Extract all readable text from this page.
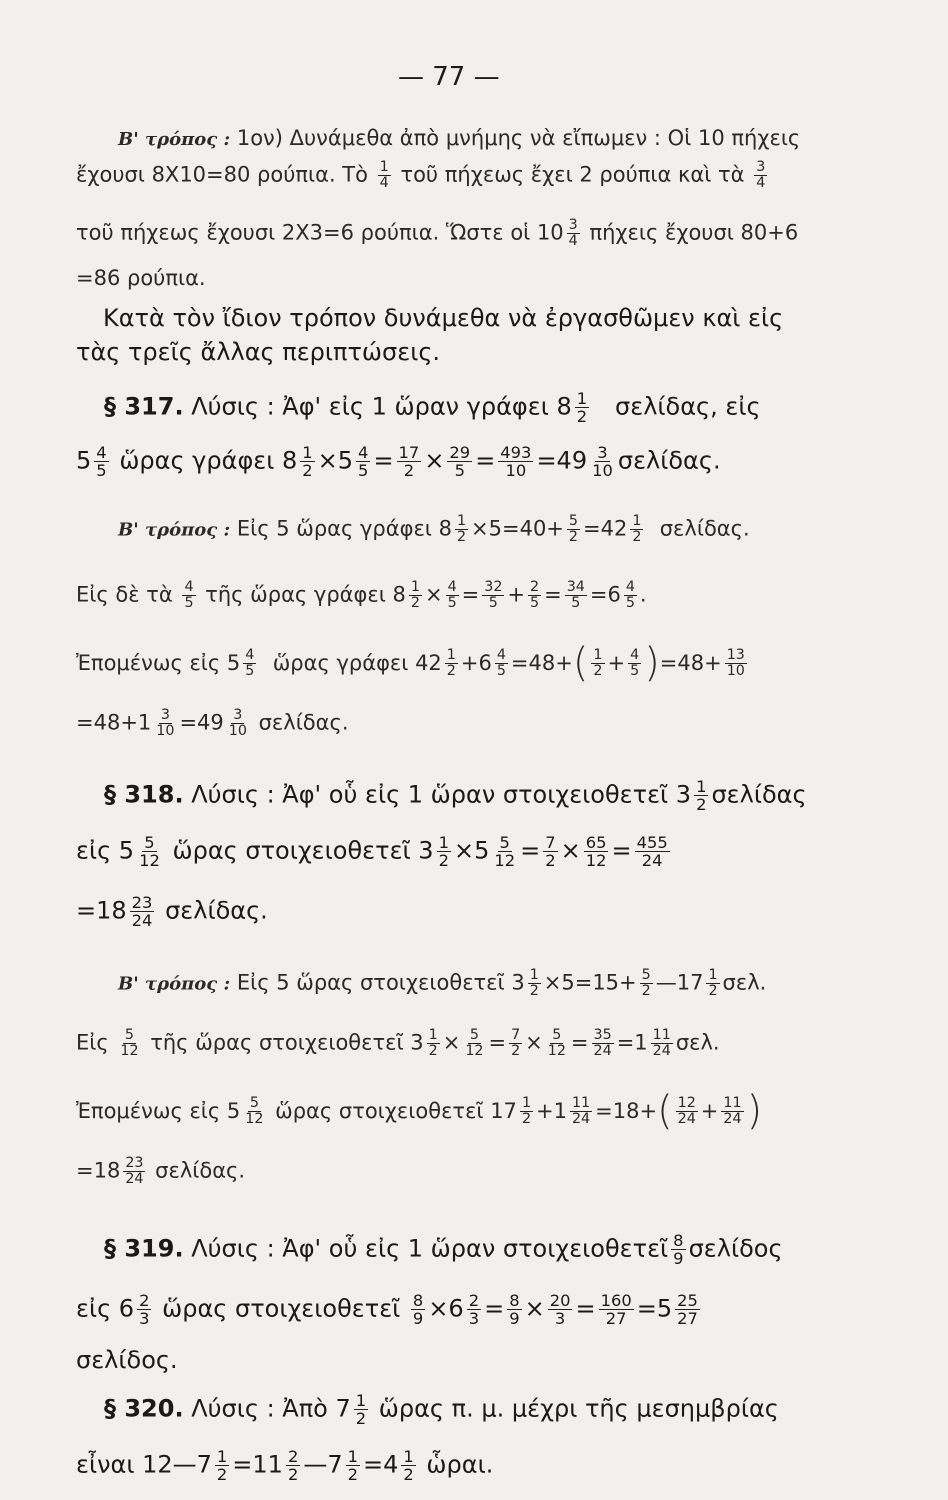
— 77 —
Β' τρόπος : 1ον) Δυνάμεθα ἀπὸ μνήμης νὰ εἴπωμεν : Οἱ 10 πήχεις
ἔχουσι 8Χ10=80 ρούπια. Τὸ $\frac{1}{4}$ τοῦ πήχεως ἔχει 2 ρούπια καὶ τὰ $\frac{3}{4}$
τοῦ πήχεως ἔχουσι 2Χ3=6 ρούπια. Ὥστε οἱ $10 \frac{3}{4}$ πήχεις ἔχουσι 80+6
=86 ρούπια.
Κατὰ τὸν ἴδιον τρόπον δυνάμεθα νὰ ἐργασθῶμεν καὶ εἰς
τὰς τρεῖς ἄλλας περιπτώσεις.
§ 317. Λύσις : Ἀφ' εἰς 1 ὥραν γράφει $8 \frac{1}{2} \sigma\varepsilon\lambda ί\delta\alpha\varsigma$, εἰς
$5 \frac{4}{5}$ ὥρας γράφει $8 \frac{1}{2} \times 5 \frac{4}{5} = \frac{17}{2} \times \frac{29}{5} = \frac{493}{10} =49 \frac{3}{10} \sigma\varepsilon\lambda ί\delta\alpha\varsigma$.
Β' τρόπος : Εἰς 5 ὥρας γράφει $8 \frac{1}{2} \times 5=40+ \frac{5}{2} =42 \frac{1}{2} \sigma\varepsilon\lambda ί\delta\alpha\varsigma$.
Εἰς δὲ τὰ $\frac{4}{5}$ τῆς ὥρας γράφει $8 \frac{1}{2} \times \frac{4}{5} = \frac{32}{5} + \frac{2}{5} = \frac{34}{5} =6 \frac{4}{5}$ .
Ἐπομένως εἰς $5 \frac{4}{5}$ ὥρας γράφει $42 \frac{1}{2} +6 \frac{4}{5} =48+( \frac{1}{2} + \frac{4}{5} )=48+ \frac{13}{10}$
$=48+1 \frac{3}{10} =49 \frac{3}{10} \sigma\varepsilon\lambda ί\delta\alpha\varsigma$.
§ 318. Λύσις : Ἀφ' οὗ εἰς 1 ὥραν στοιχειοθετεῖ $3 \frac{1}{2}$ σελίδας
εἰς $5 \frac{5}{12}$ ὥρας στοιχειοθετεῖ $3 \frac{1}{2} \times 5 \frac{5}{12} = \frac{7}{2} \times \frac{65}{12} = \frac{455}{24}$
$=18 \frac{23}{24} \sigma\varepsilon\lambda ί\delta\alpha\varsigma$.
Β' τρόπος : Εἰς 5 ὥρας στοιχειοθετεῖ $3 \frac{1}{2} \times 5=15+ \frac{5}{2}$ —17 $\frac{1}{2} \sigma\varepsilon\lambda$.
Εἰς $\frac{5}{12}$ τῆς ὥρας στοιχειοθετεῖ $3 \frac{1}{2} \times \frac{5}{12} = \frac{7}{2} \times \frac{5}{12} = \frac{35}{24} =1 \frac{11}{24} \sigma\varepsilon\lambda$.
Ἐπομένως εἰς $5 \frac{5}{12}$ ὥρας στοιχειοθετεῖ $17 \frac{1}{2} +1 \frac{11}{24} =18+( \frac{12}{24} + \frac{11}{24}$ )
$=18 \frac{23}{24} \sigma\varepsilon\lambda ί\delta\alpha\varsigma$.
§ 319. Λύσις : Ἀφ' οὗ εἰς 1 ὥραν στοιχειοθετεῖ $\frac{8}{9}$ σελίδος
εἰς $6 \frac{2}{3}$ ὥρας στοιχειοθετεῖ $\frac{8}{9} \times 6 \frac{2}{3} = \frac{8}{9} \times \frac{20}{3} = \frac{160}{27} =5 \frac{25}{27}$
σελίδος.
§ 320. Λύσις : Ἀπὸ $7 \frac{1}{2}$ ὥρας π. μ. μέχρι τῆς μεσημβρίας
εἶναι 12—7 $\frac{1}{2} =11 \frac{2}{2}$ —7 $\frac{1}{2} =4 \frac{1}{2}$ ὧραι.
